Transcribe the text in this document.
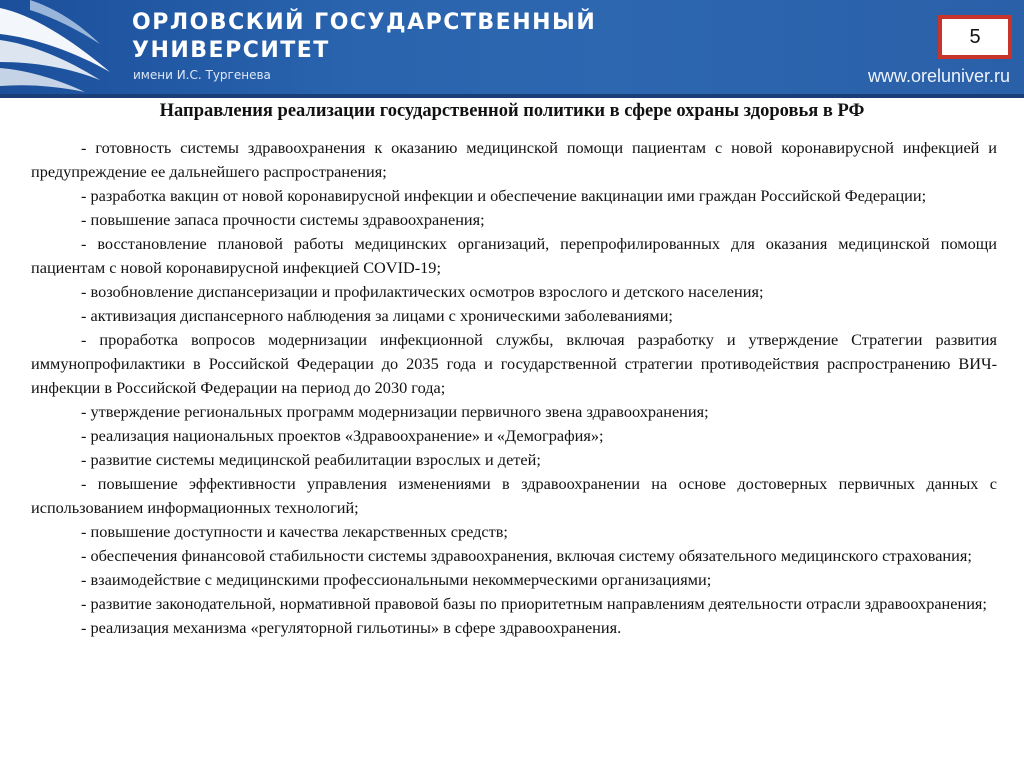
ОРЛОВСКИЙ ГОСУДАРСТВЕННЫЙ
УНИВЕРСИТЕТ
имени И.С. Тургенева	www.oreluniver.ru
5
Направления реализации государственной политики в сфере охраны здоровья в РФ

- готовность системы здравоохранения к оказанию медицинской помощи пациентам с новой коронавирусной инфекцией и предупреждение ее дальнейшего распространения;

- разработка вакцин от новой коронавирусной инфекции и обеспечение вакцинации ими граждан Российской Федерации;

- повышение запаса прочности системы здравоохранения;

- восстановление плановой работы медицинских организаций, перепрофилированных для оказания медицинской помощи пациентам с новой коронавирусной инфекцией COVID-19;

- возобновление диспансеризации и профилактических осмотров взрослого и детского населения;

- активизация диспансерного наблюдения за лицами с хроническими заболеваниями;

- проработка вопросов модернизации инфекционной службы, включая разработку и утверждение Стратегии развития иммунопрофилактики в Российской Федерации до 2035 года и государственной стратегии противодействия распространению ВИЧ-инфекции в Российской Федерации на период до 2030 года;

- утверждение региональных программ модернизации первичного звена здравоохранения;

- реализация национальных проектов «Здравоохранение» и «Демография»;

- развитие системы медицинской реабилитации взрослых и детей;

- повышение эффективности управления изменениями в здравоохранении на основе достоверных первичных данных с использованием информационных технологий;

- повышение доступности и качества лекарственных средств;

- обеспечения финансовой стабильности системы здравоохранения, включая систему обязательного медицинского страхования;

- взаимодействие с медицинскими профессиональными некоммерческими организациями;

- развитие законодательной, нормативной правовой базы по приоритетным направлениям деятельности отрасли здравоохранения;

- реализация механизма «регуляторной гильотины» в сфере здравоохранения.
